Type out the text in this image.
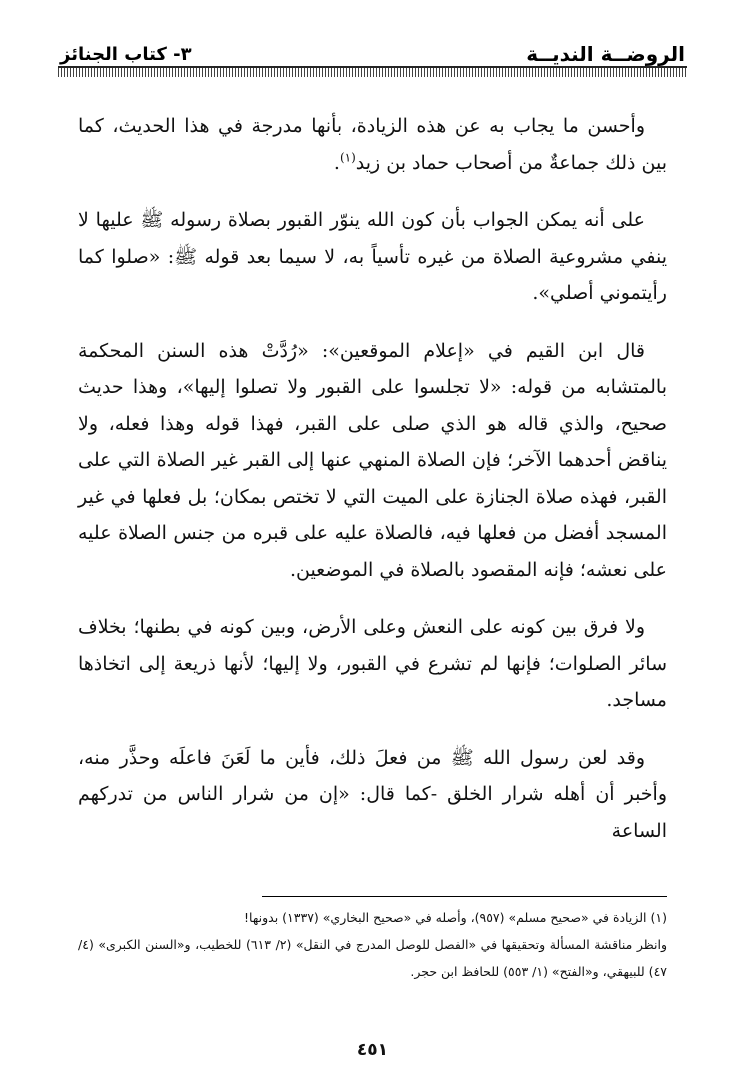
الروضــة النديــة
٣- كتاب الجنائز

وأحسن ما يجاب به عن هذه الزيادة، بأنها مدرجة في هذا الحديث، كما بين ذلك جماعةٌ من أصحاب حماد بن زيد$^{(١)}$.

على أنه يمكن الجواب بأن كون الله ينوّر القبور بصلاة رسوله ﷺ عليها لا ينفي مشروعية الصلاة من غيره تأسياً به، لا سيما بعد قوله ﷺ: «صلوا كما رأيتموني أصلي».

قال ابن القيم في «إعلام الموقعين»: «رُدَّتْ هذه السنن المحكمة بالمتشابه من قوله: «لا تجلسوا على القبور ولا تصلوا إليها»، وهذا حديث صحيح، والذي قاله هو الذي صلى على القبر، فهذا قوله وهذا فعله، ولا يناقض أحدهما الآخر؛ فإن الصلاة المنهي عنها إلى القبر غير الصلاة التي على القبر، فهذه صلاة الجنازة على الميت التي لا تختص بمكان؛ بل فعلها في غير المسجد أفضل من فعلها فيه، فالصلاة عليه على قبره من جنس الصلاة عليه على نعشه؛ فإنه المقصود بالصلاة في الموضعين.

ولا فرق بين كونه على النعش وعلى الأرض، وبين كونه في بطنها؛ بخلاف سائر الصلوات؛ فإنها لم تشرع في القبور، ولا إليها؛ لأنها ذريعة إلى اتخاذها مساجد.

وقد لعن رسول الله ﷺ من فعلَ ذلك، فأين ما لَعَنَ فاعلَه وحذَّر منه، وأخبر أن أهله شرار الخلق -كما قال: «إن من شرار الناس من تدركهم الساعة

(١) الزيادة في «صحيح مسلم» (٩٥٧)، وأصله في «صحيح البخاري» (١٣٣٧) بدونها!

وانظر مناقشة المسألة وتحقيقها في «الفصل للوصل المدرج في النقل» (٢/ ٦١٣) للخطيب، و«السنن الكبرى» (٤/ ٤٧) للبيهقي، و«الفتح» (١/ ٥٥٣) للحافظ ابن حجر.

٤٥١
